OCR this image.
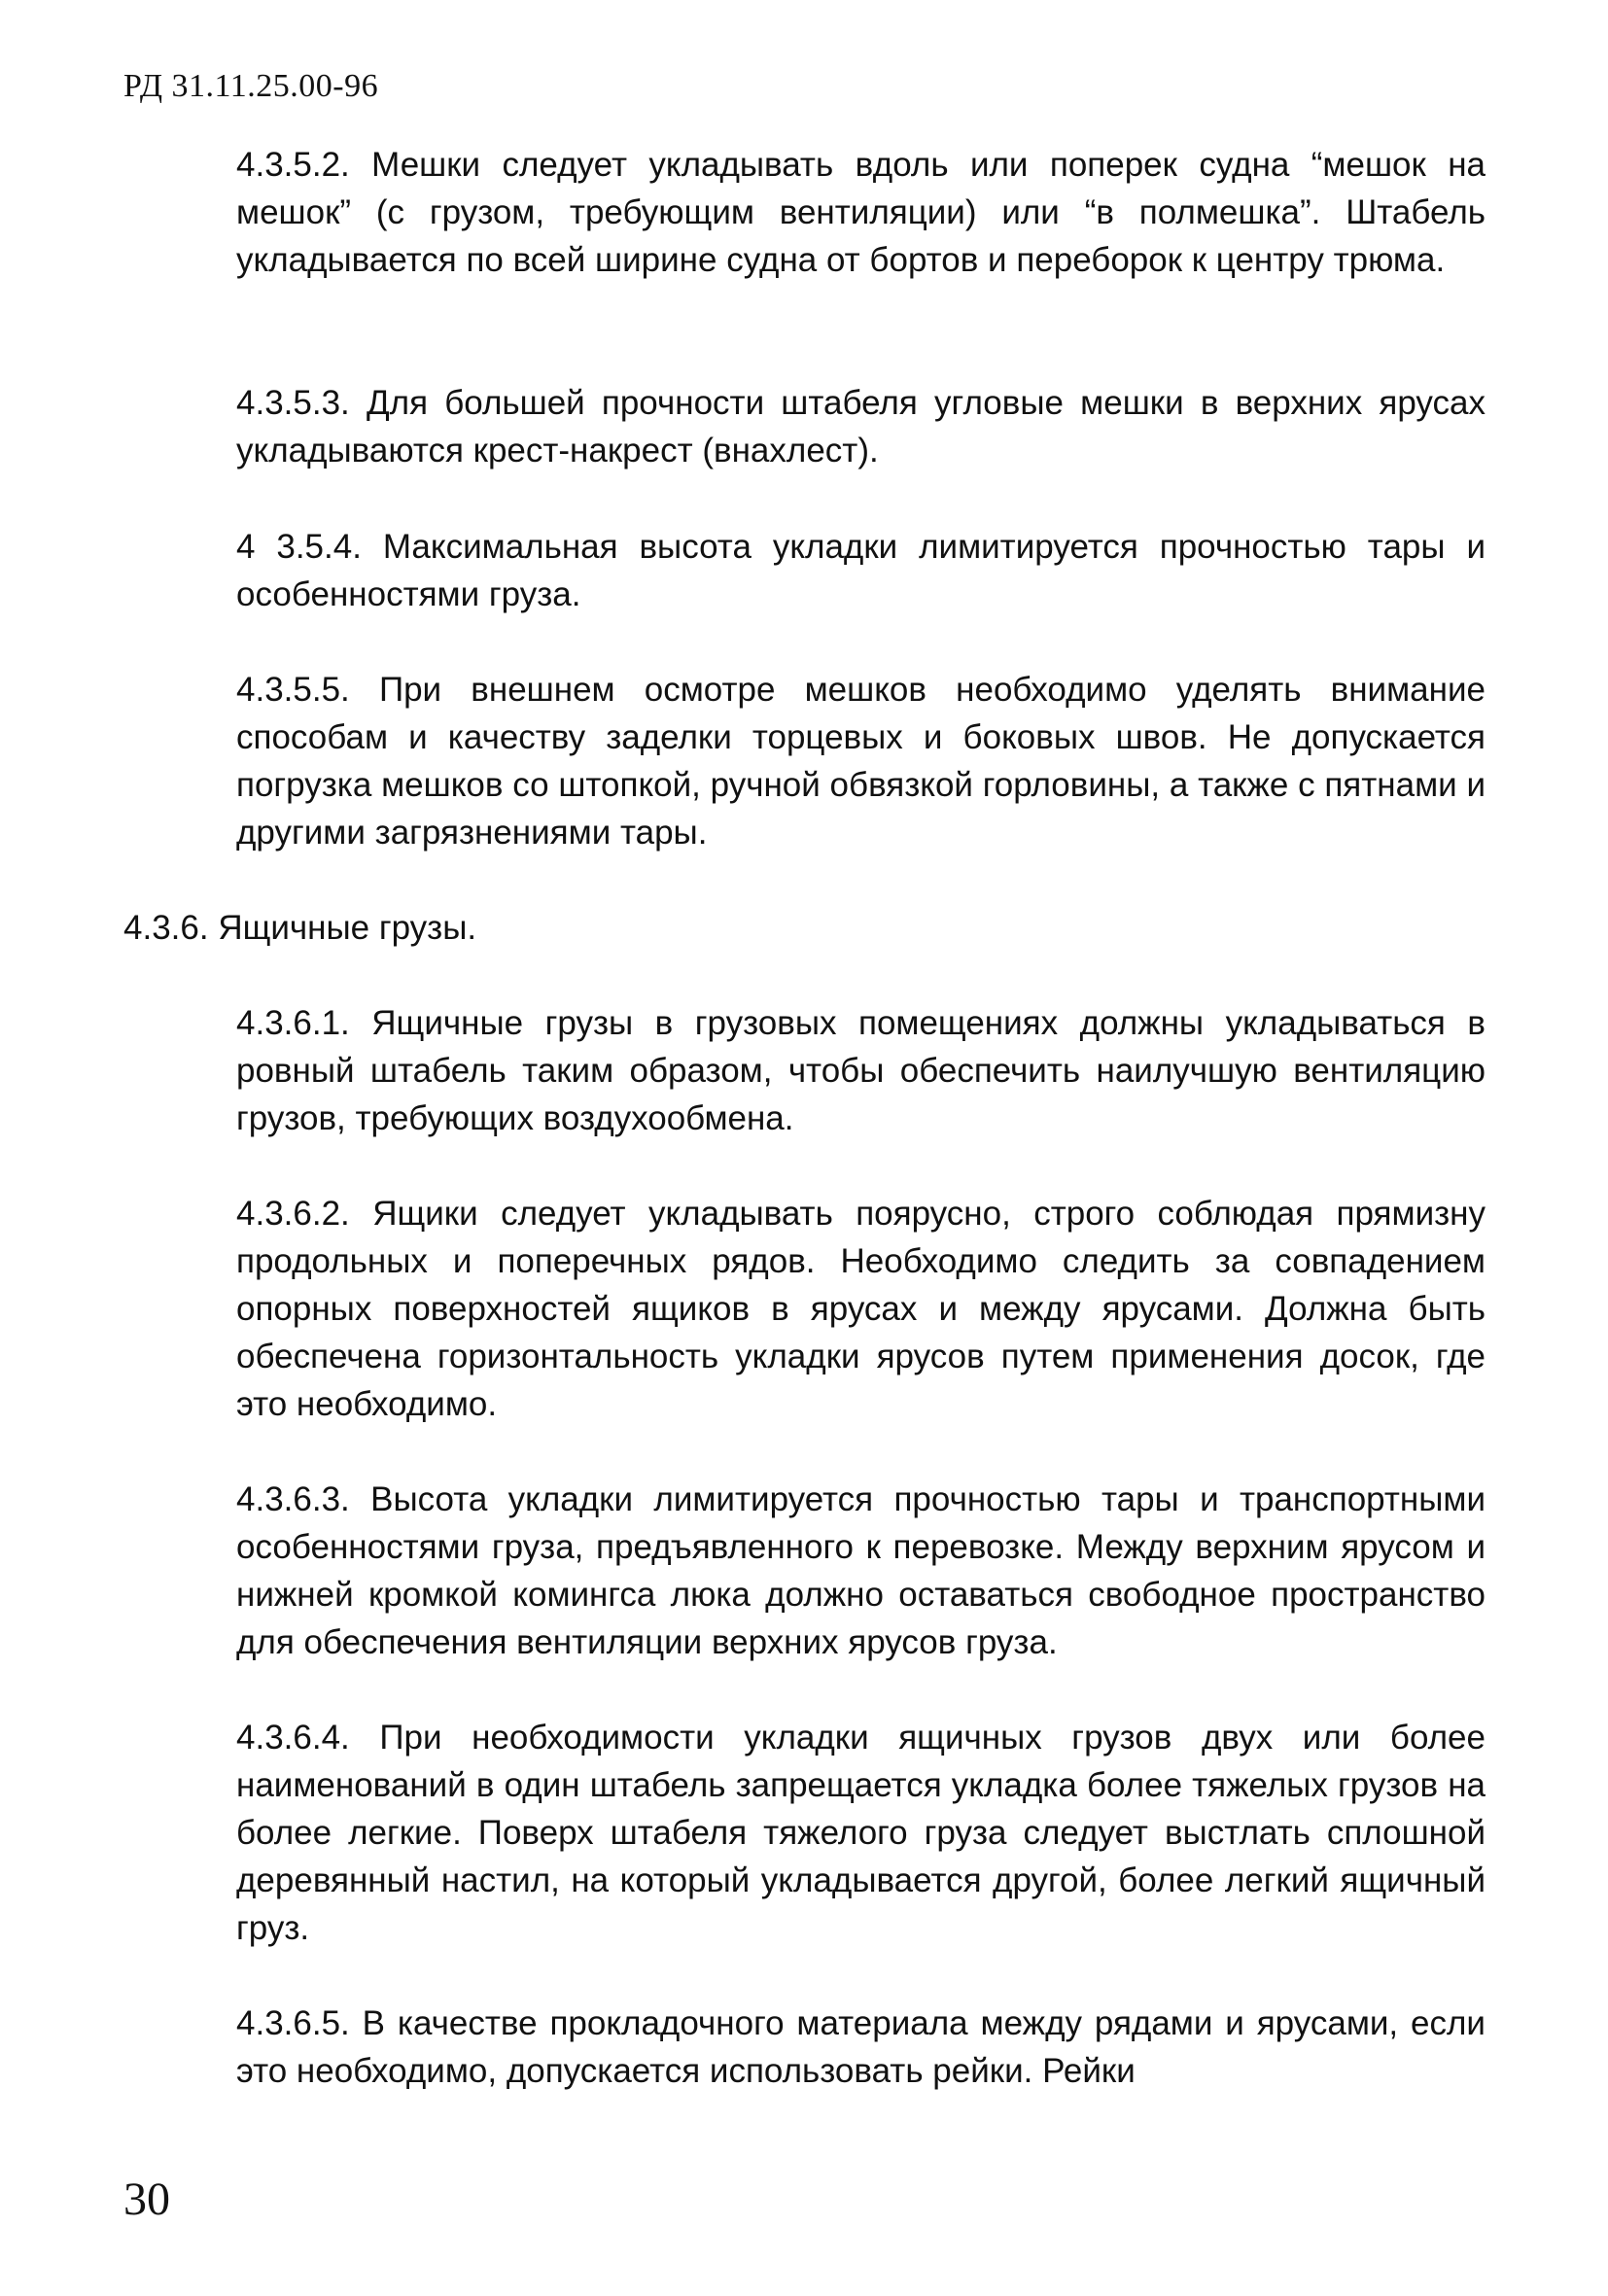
РД 31.11.25.00-96

4.3.5.2. Мешки следует укладывать вдоль или поперек судна “мешок на мешок” (с грузом, требующим вентиляции) или “в полмешка”. Штабель укладывается по всей ширине судна от бортов и переборок к центру трюма.

4.3.5.3. Для большей прочности штабеля угловые мешки в верхних ярусах укладываются крест-накрест (внахлест).

4 3.5.4. Максимальная высота укладки лимитируется прочностью тары и особенностями груза.

4.3.5.5. При внешнем осмотре мешков необходимо уделять внимание способам и качеству заделки торцевых и боковых швов. Не допускается погрузка мешков со штопкой, ручной обвязкой горловины, а также с пятнами и другими загрязнениями тары.

4.3.6. Ящичные грузы.

4.3.6.1. Ящичные грузы в грузовых помещениях должны укладываться в ровный штабель таким образом, чтобы обеспечить наилучшую вентиляцию грузов, требующих воздухообмена.

4.3.6.2. Ящики следует укладывать поярусно, строго соблюдая прямизну продольных и поперечных рядов. Необходимо следить за совпадением опорных поверхностей ящиков в ярусах и между ярусами. Должна быть обеспечена горизонтальность укладки ярусов путем применения досок, где это необходимо.

4.3.6.3. Высота укладки лимитируется прочностью тары и транспортными особенностями груза, предъявленного к перевозке. Между верхним ярусом и нижней кромкой комингса люка должно оставаться свободное пространство для обеспечения вентиляции верхних ярусов груза.

4.3.6.4. При необходимости укладки ящичных грузов двух или более наименований в один штабель запрещается укладка более тяжелых грузов на более легкие. Поверх штабеля тяжелого груза следует выстлать сплошной деревянный настил, на который укладывается другой, более легкий ящичный груз.

4.3.6.5. В качестве прокладочного материала между рядами и ярусами, если это необходимо, допускается использовать рейки. Рейки

30
